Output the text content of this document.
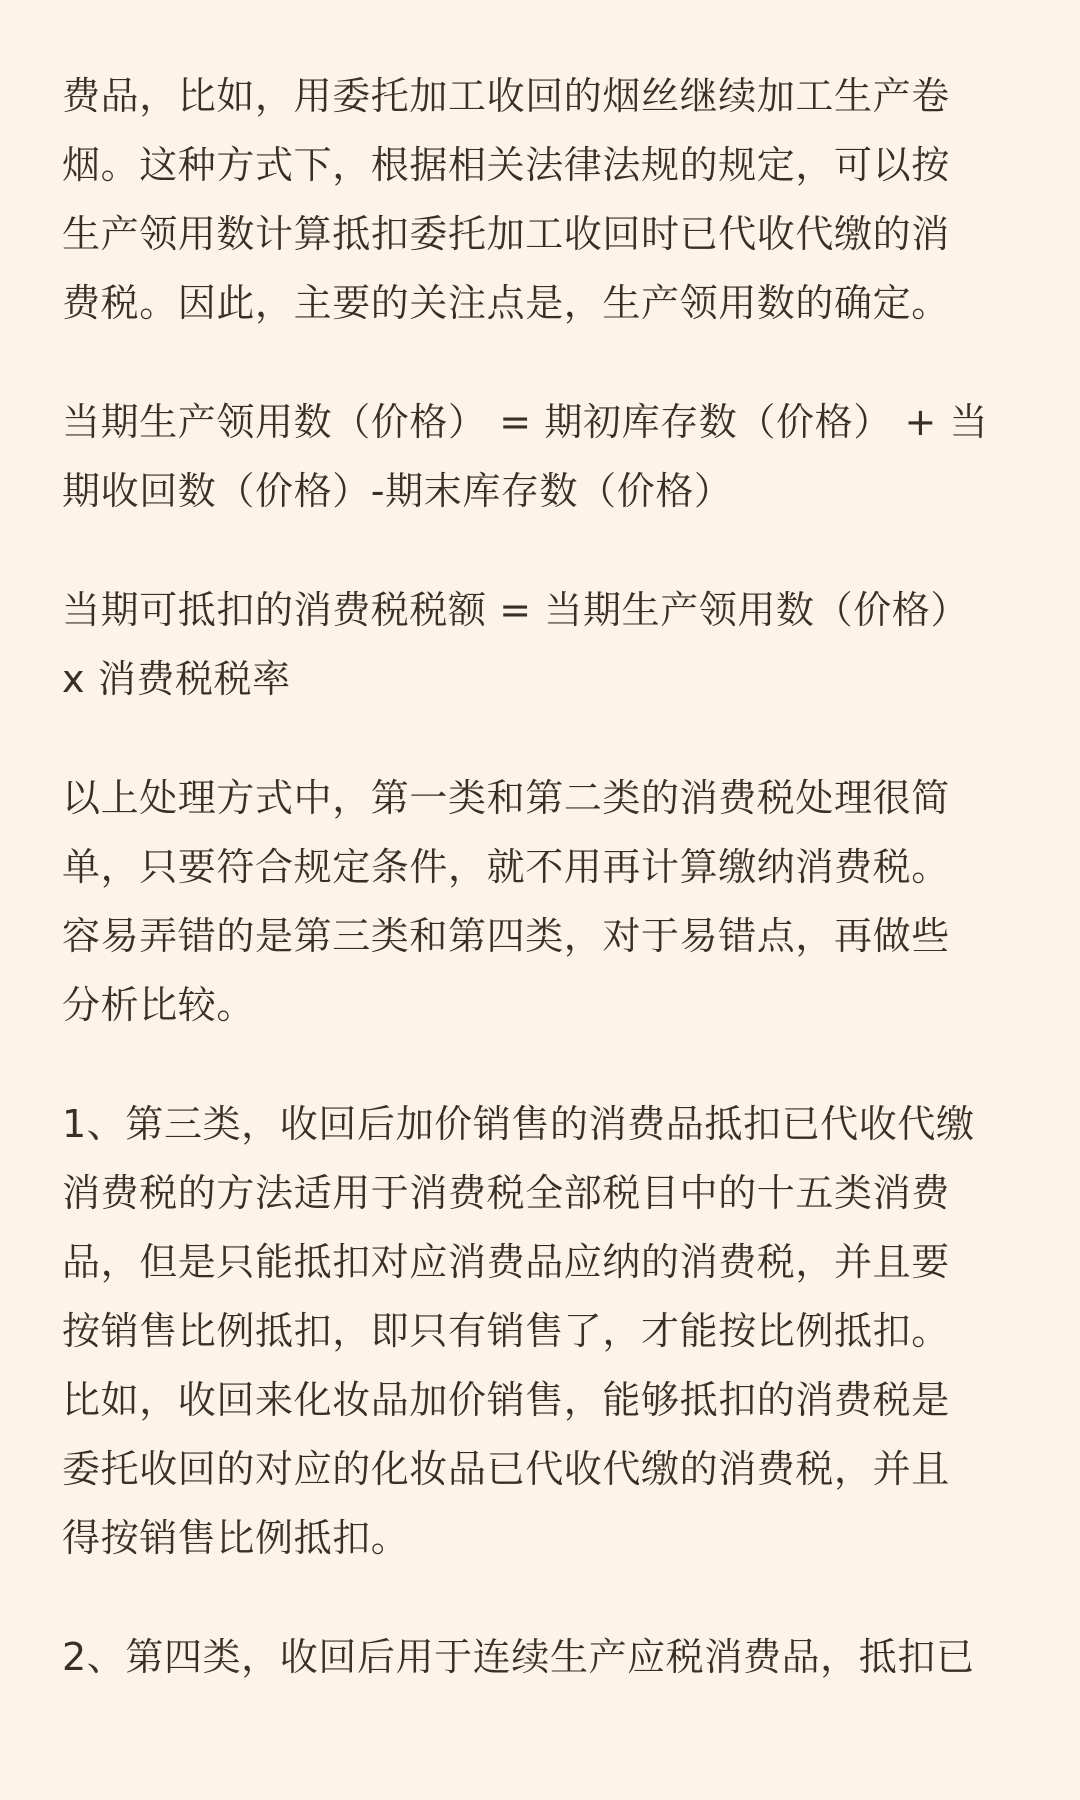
费品，比如，用委托加工收回的烟丝继续加工生产卷
烟。这种方式下，根据相关法律法规的规定，可以按
生产领用数计算抵扣委托加工收回时已代收代缴的消
费税。因此，主要的关注点是，生产领用数的确定。

当期生产领用数（价格） = 期初库存数（价格） + 当
期收回数（价格）-期末库存数（价格）

当期可抵扣的消费税税额 = 当期生产领用数（价格）
x 消费税税率

以上处理方式中，第一类和第二类的消费税处理很简
单，只要符合规定条件，就不用再计算缴纳消费税。
容易弄错的是第三类和第四类，对于易错点，再做些
分析比较。

1、第三类，收回后加价销售的消费品抵扣已代收代缴
消费税的方法适用于消费税全部税目中的十五类消费
品，但是只能抵扣对应消费品应纳的消费税，并且要
按销售比例抵扣，即只有销售了，才能按比例抵扣。
比如，收回来化妆品加价销售，能够抵扣的消费税是
委托收回的对应的化妆品已代收代缴的消费税，并且
得按销售比例抵扣。

2、第四类，收回后用于连续生产应税消费品，抵扣已
